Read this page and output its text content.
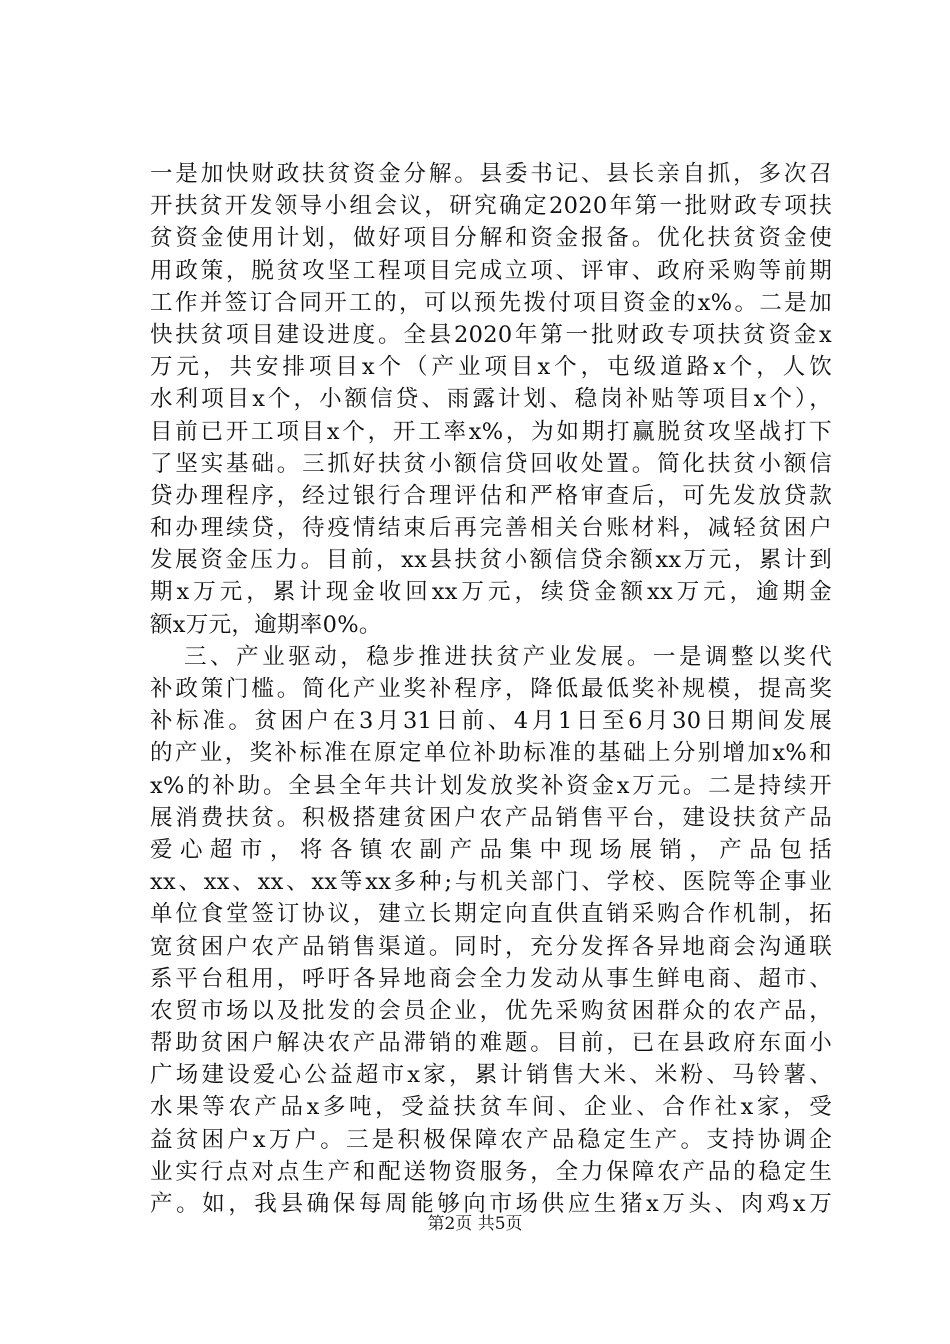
一是加快财政扶贫资金分解。县委书记、县长亲自抓，多次召
开扶贫开发领导小组会议，研究确定2020年第一批财政专项扶
贫资金使用计划，做好项目分解和资金报备。优化扶贫资金使
用政策，脱贫攻坚工程项目完成立项、评审、政府采购等前期
工作并签订合同开工的，可以预先拨付项目资金的x%。二是加
快扶贫项目建设进度。全县2020年第一批财政专项扶贫资金x
万元，共安排项目x个（产业项目x个，屯级道路x个，人饮
水利项目x个，小额信贷、雨露计划、稳岗补贴等项目x个），
目前已开工项目x个，开工率x%，为如期打赢脱贫攻坚战打下
了坚实基础。三抓好扶贫小额信贷回收处置。简化扶贫小额信
贷办理程序，经过银行合理评估和严格审查后，可先发放贷款
和办理续贷，待疫情结束后再完善相关台账材料，减轻贫困户
发展资金压力。目前，xx县扶贫小额信贷余额xx万元，累计到
期x万元，累计现金收回xx万元，续贷金额xx万元，逾期金
额x万元，逾期率0%。
三、产业驱动，稳步推进扶贫产业发展。一是调整以奖代
补政策门槛。简化产业奖补程序，降低最低奖补规模，提高奖
补标准。贫困户在3月31日前、4月1日至6月30日期间发展
的产业，奖补标准在原定单位补助标准的基础上分别增加x%和
x%的补助。全县全年共计划发放奖补资金x万元。二是持续开
展消费扶贫。积极搭建贫困户农产品销售平台，建设扶贫产品
爱心超市，将各镇农副产品集中现场展销，产品包括
xx、xx、xx、xx等xx多种;与机关部门、学校、医院等企事业
单位食堂签订协议，建立长期定向直供直销采购合作机制，拓
宽贫困户农产品销售渠道。同时，充分发挥各异地商会沟通联
系平台租用，呼吁各异地商会全力发动从事生鲜电商、超市、
农贸市场以及批发的会员企业，优先采购贫困群众的农产品，
帮助贫困户解决农产品滞销的难题。目前，已在县政府东面小
广场建设爱心公益超市x家，累计销售大米、米粉、马铃薯、
水果等农产品x多吨，受益扶贫车间、企业、合作社x家，受
益贫困户x万户。三是积极保障农产品稳定生产。支持协调企
业实行点对点生产和配送物资服务，全力保障农产品的稳定生
产。如，我县确保每周能够向市场供应生猪x万头、肉鸡x万
第2页 共5页
